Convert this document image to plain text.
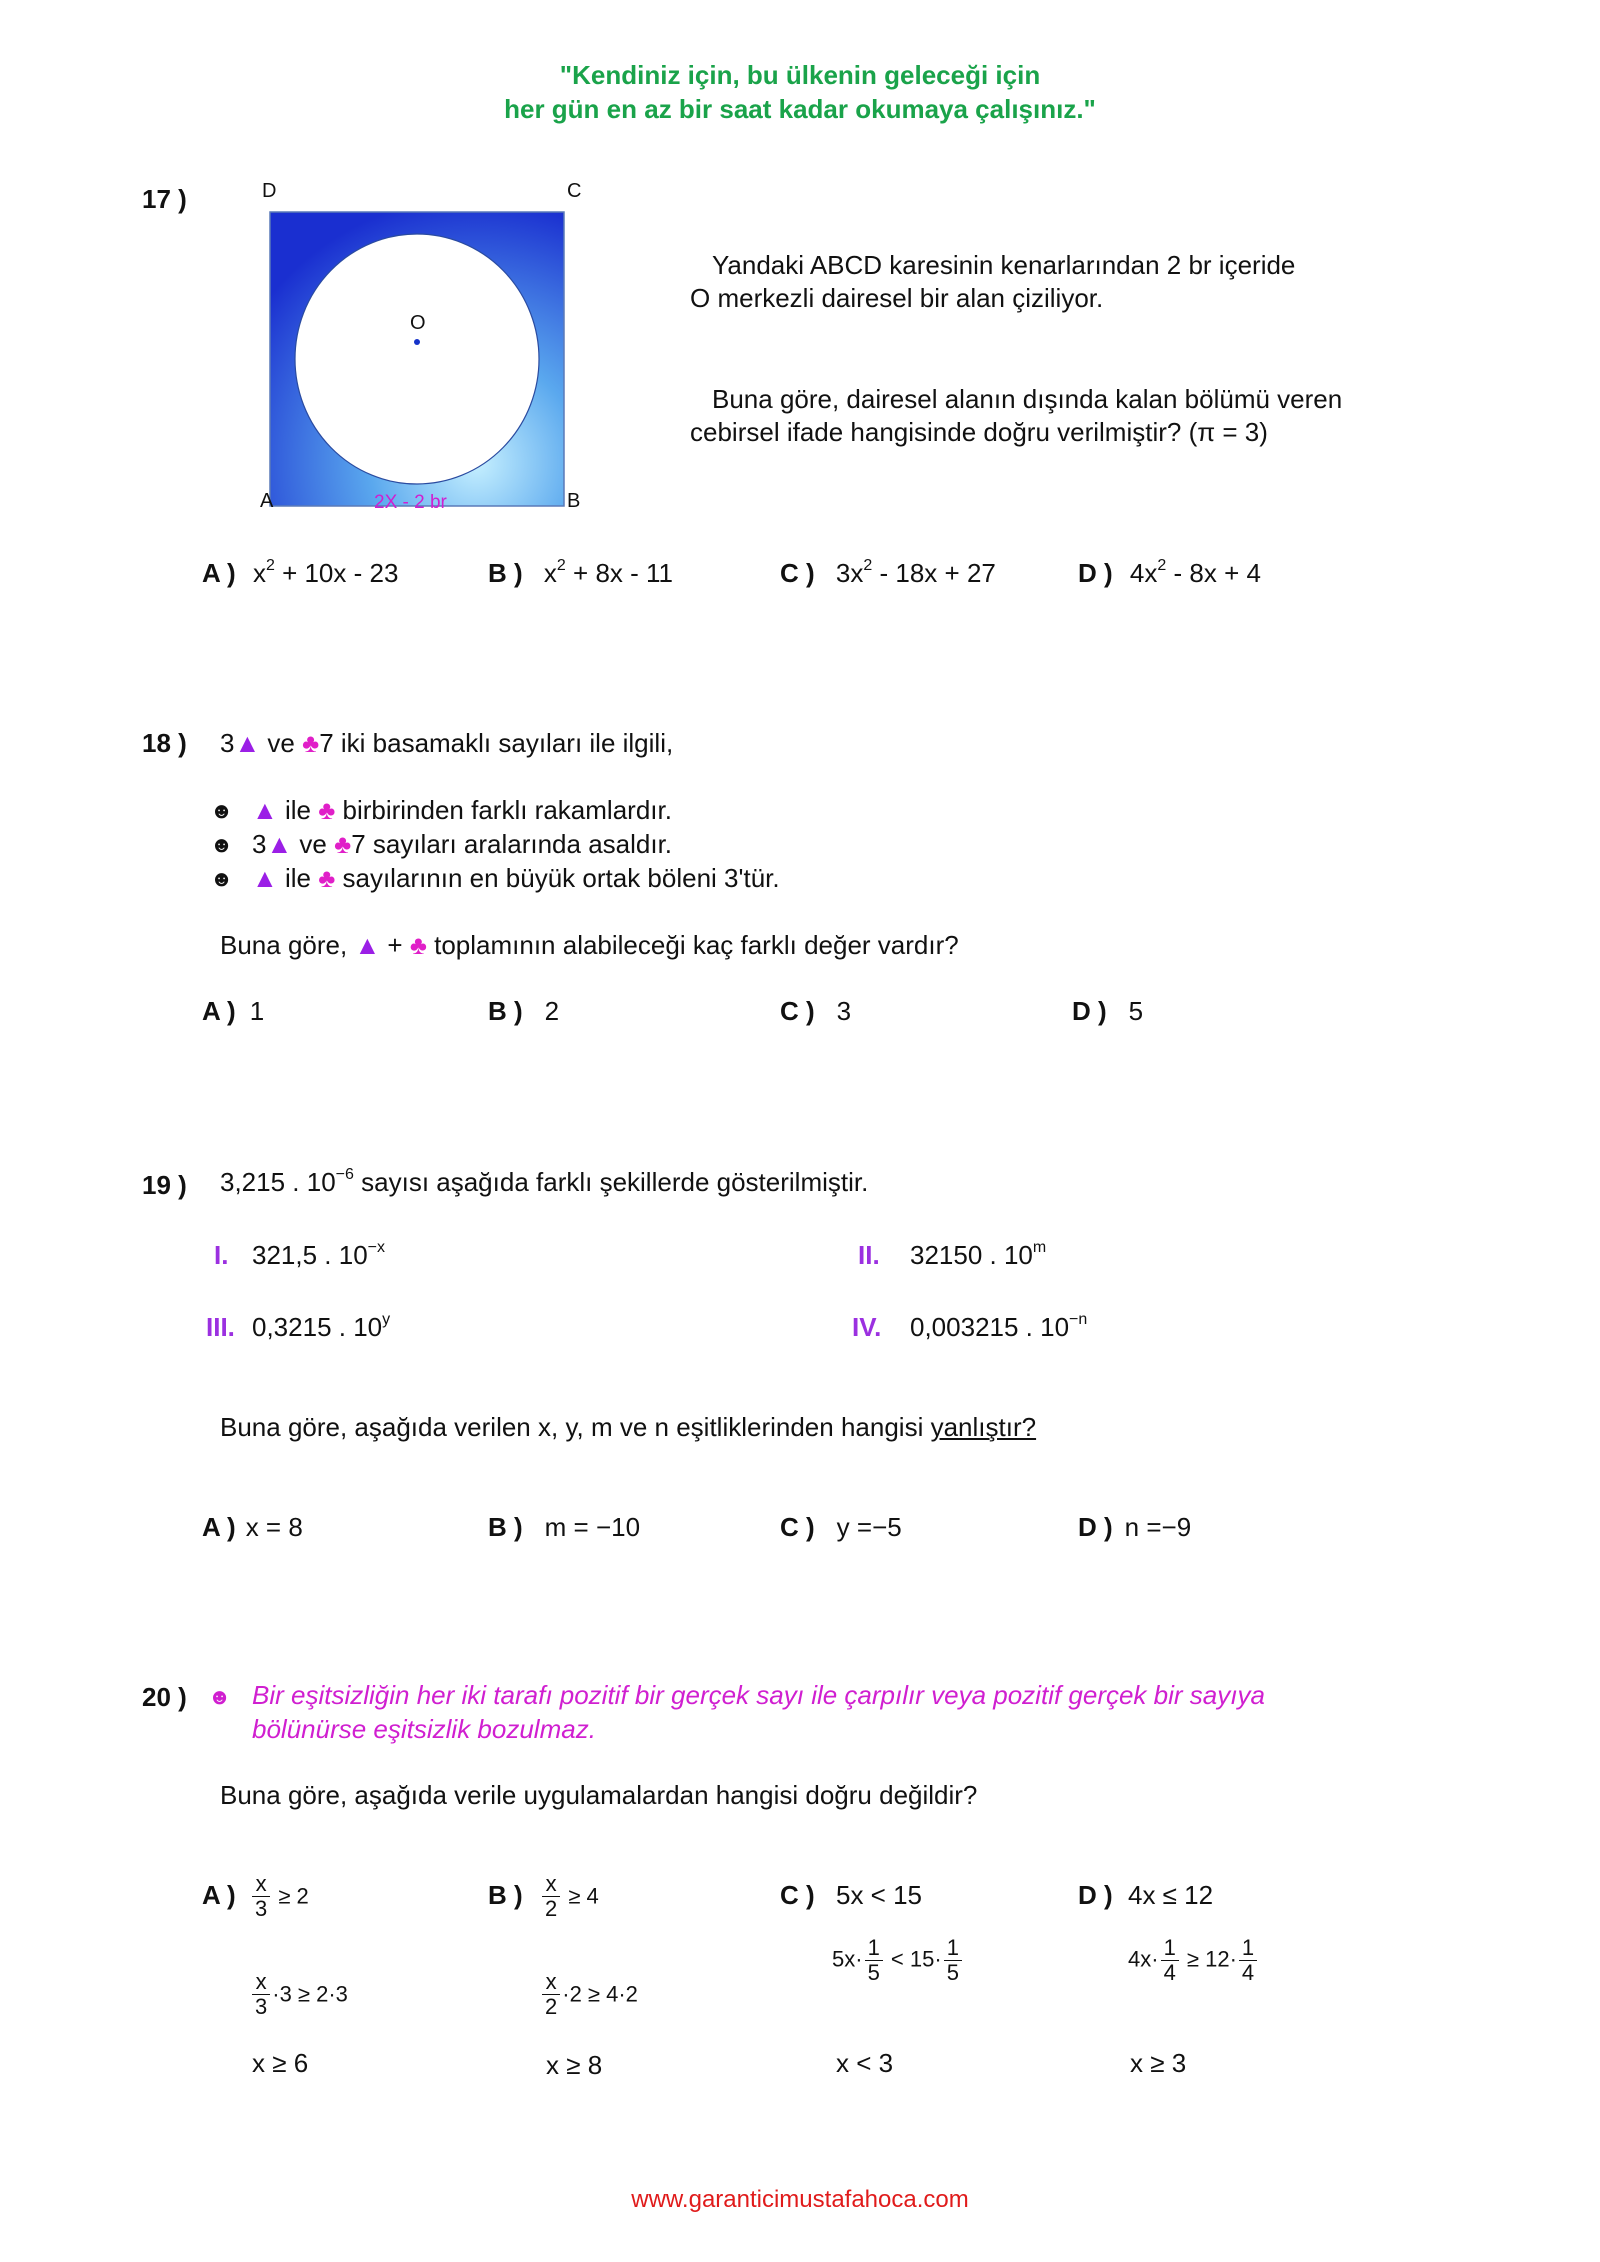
"Kendiniz için, bu ülkenin geleceği için
her gün en az bir saat kadar okumaya çalışınız."
17 )	D	C
A	B
O
2X - 2 br
Yandaki ABCD karesinin kenarlarından 2 br içeride
O merkezli dairesel bir alan çiziliyor.
Buna göre, dairesel alanın dışında kalan bölümü veren
cebirsel ifade hangisinde doğru verilmiştir? (π = 3)
A ) $x^2 + 10x - 23$	B ) $x^2 + 8x - 11$	C ) $3x^2 - 18x + 27$	D ) $4x^2 - 8x + 4$
18 ) 3▲ ve ♣7 iki basamaklı sayıları ile ilgili,
☻ ▲ ile ♣ birbirinden farklı rakamlardır.
☻ 3▲ ve ♣7 sayıları aralarında asaldır.
☻ ▲ ile ♣ sayılarının en büyük ortak böleni 3'tür.
Buna göre, ▲ + ♣ toplamının alabileceği kaç farklı değer vardır?
A ) 1	B ) 2	C ) 3	D ) 5
19 ) 3,215 . $10^{-6}$ sayısı aşağıda farklı şekillerde gösterilmiştir.
I. 321,5 . $10^{-x}$	II. 32150 . 10$^m$
III. 0,3215 . 10$^y$	IV. 0,003215 . $10^{-n}$
Buna göre, aşağıda verilen x, y, m ve n eşitliklerinden hangisi yanlıştır?
A ) x = 8	B ) m = −10	C ) y =−5	D ) n =−9
20 ) ☻ Bir eşitsizliğin her iki tarafı pozitif bir gerçek sayı ile çarpılır veya pozitif gerçek bir sayıya
bölünürse eşitsizlik bozulmaz.
Buna göre, aşağıda verile uygulamalardan hangisi doğru değildir?
A ) $\frac{x}{3} \ge 2$
$\frac{x}{3} \cdot 3 \ge 2\cdot 3$
x ≥ 6
B ) $\frac{x}{2} \ge 4$
$\frac{x}{2} \cdot 2 \ge 4\cdot 2$
x ≥ 8
C ) 5x < 15
$5x\cdot \frac{1}{5} < 15\cdot \frac{1}{5}$
x < 3
D ) 4x ≤ 12
$4x\cdot \frac{1}{4} \ge 12\cdot \frac{1}{4}$
x ≥ 3
www.garanticimustafahoca.com
